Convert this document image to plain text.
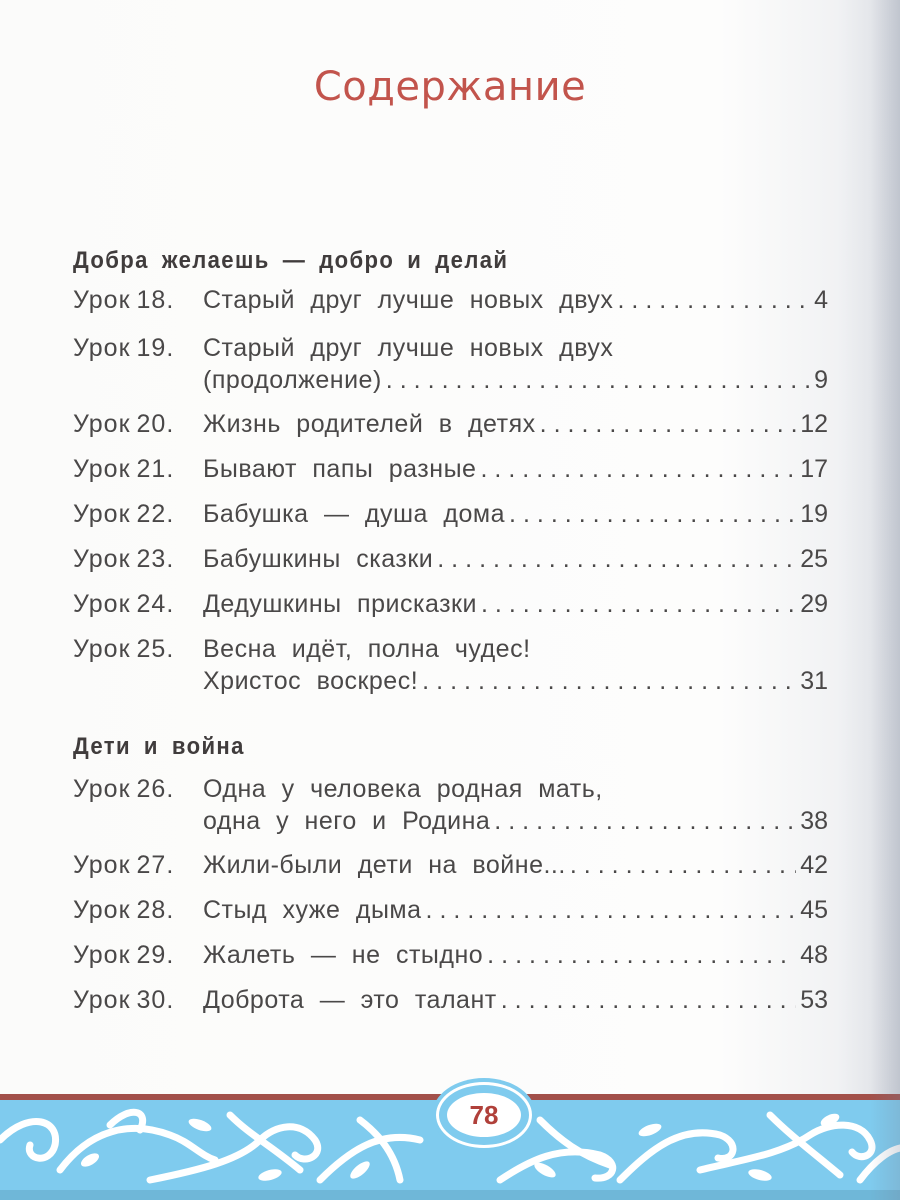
Содержание
Добра желаешь — добро и делай
Урок 18.	Старый друг лучше новых двух .....	4
Урок 19.	Старый друг лучше новых двух
(продолжение) .....	9
Урок 20.	Жизнь родителей в детях .....	12
Урок 21.	Бывают папы разные .....	17
Урок 22.	Бабушка — душа дома .....	19
Урок 23.	Бабушкины сказки .....	25
Урок 24.	Дедушкины присказки .....	29
Урок 25.	Весна идёт, полна чудес!
Христос воскрес! .....	31
Дети и война
Урок 26.	Одна у человека родная мать,
одна у него и Родина .....	38
Урок 27.	Жили-были дети на войне... .....	42
Урок 28.	Стыд хуже дыма .....	45
Урок 29.	Жалеть — не стыдно .....	48
Урок 30.	Доброта — это талант .....	53
78
